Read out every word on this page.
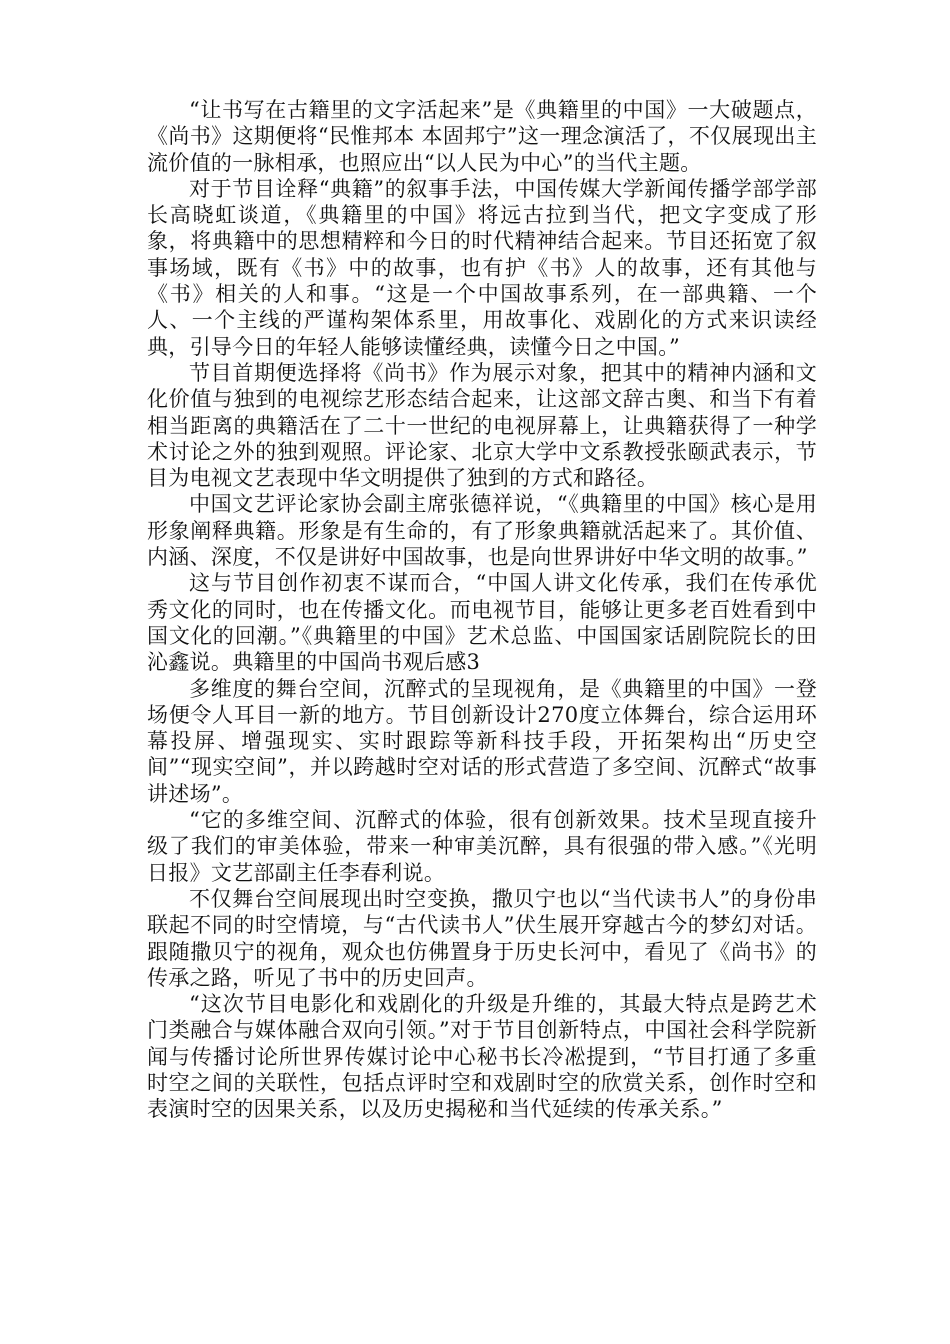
“让书写在古籍里的文字活起来”是《典籍里的中国》一大破题点，《尚书》这期便将“民惟邦本 本固邦宁”这一理念演活了，不仅展现出主流价值的一脉相承，也照应出“以人民为中心”的当代主题。

对于节目诠释“典籍”的叙事手法，中国传媒大学新闻传播学部学部长高晓虹谈道，《典籍里的中国》将远古拉到当代，把文字变成了形象，将典籍中的思想精粹和今日的时代精神结合起来。节目还拓宽了叙事场域，既有《书》中的故事，也有护《书》人的故事，还有其他与《书》相关的人和事。“这是一个中国故事系列，在一部典籍、一个人、一个主线的严谨构架体系里，用故事化、戏剧化的方式来识读经典，引导今日的年轻人能够读懂经典，读懂今日之中国。”

节目首期便选择将《尚书》作为展示对象，把其中的精神内涵和文化价值与独到的电视综艺形态结合起来，让这部文辞古奥、和当下有着相当距离的典籍活在了二十一世纪的电视屏幕上，让典籍获得了一种学术讨论之外的独到观照。评论家、北京大学中文系教授张颐武表示，节目为电视文艺表现中华文明提供了独到的方式和路径。

中国文艺评论家协会副主席张德祥说，“《典籍里的中国》核心是用形象阐释典籍。形象是有生命的，有了形象典籍就活起来了。其价值、内涵、深度，不仅是讲好中国故事，也是向世界讲好中华文明的故事。”

这与节目创作初衷不谋而合，“中国人讲文化传承，我们在传承优秀文化的同时，也在传播文化。而电视节目，能够让更多老百姓看到中国文化的回潮。”《典籍里的中国》艺术总监、中国国家话剧院院长的田沁鑫说。典籍里的中国尚书观后感3

多维度的舞台空间，沉醉式的呈现视角，是《典籍里的中国》一登场便令人耳目一新的地方。节目创新设计270度立体舞台，综合运用环幕投屏、增强现实、实时跟踪等新科技手段，开拓架构出“历史空间”“现实空间”，并以跨越时空对话的形式营造了多空间、沉醉式“故事讲述场”。

“它的多维空间、沉醉式的体验，很有创新效果。技术呈现直接升级了我们的审美体验，带来一种审美沉醉，具有很强的带入感。”《光明日报》文艺部副主任李春利说。

不仅舞台空间展现出时空变换，撒贝宁也以“当代读书人”的身份串联起不同的时空情境，与“古代读书人”伏生展开穿越古今的梦幻对话。跟随撒贝宁的视角，观众也仿佛置身于历史长河中，看见了《尚书》的传承之路，听见了书中的历史回声。

“这次节目电影化和戏剧化的升级是升维的，其最大特点是跨艺术门类融合与媒体融合双向引领。”对于节目创新特点，中国社会科学院新闻与传播讨论所世界传媒讨论中心秘书长冷凇提到，“节目打通了多重时空之间的关联性，包括点评时空和戏剧时空的欣赏关系，创作时空和表演时空的因果关系，以及历史揭秘和当代延续的传承关系。”
